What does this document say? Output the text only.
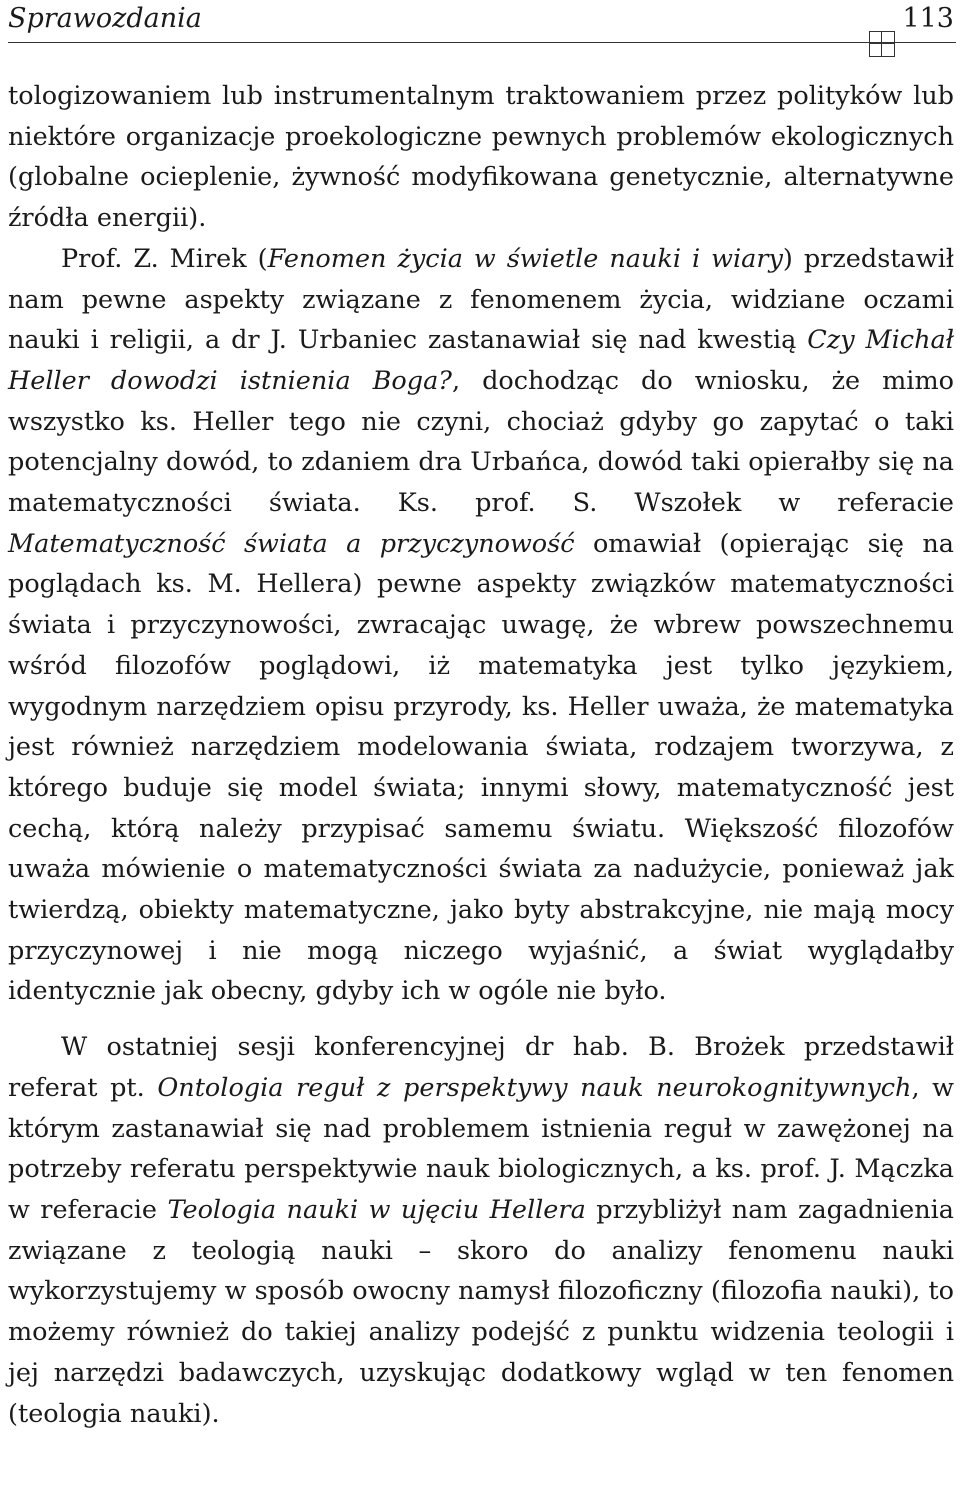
Sprawozdania	113

tologizowaniem lub instrumentalnym traktowaniem przez polityków lub niektóre organizacje proekologiczne pewnych problemów ekologicznych (globalne ocieplenie, żywność modyfikowana genetycznie, alternatywne źródła energii).

Prof. Z. Mirek (Fenomen życia w świetle nauki i wiary) przedstawił nam pewne aspekty związane z fenomenem życia, widziane oczami nauki i religii, a dr J. Urbaniec zastanawiał się nad kwestią Czy Michał Heller dowodzi istnienia Boga?, dochodząc do wniosku, że mimo wszystko ks. Heller tego nie czyni, chociaż gdyby go zapytać o taki potencjalny dowód, to zdaniem dra Urbańca, dowód taki opierałby się na matematyczności świata. Ks. prof. S. Wszołek w referacie Matematyczność świata a przyczynowość omawiał (opierając się na poglądach ks. M. Hellera) pewne aspekty związków matematyczności świata i przyczynowości, zwracając uwagę, że wbrew powszechnemu wśród filozofów poglądowi, iż matematyka jest tylko językiem, wygodnym narzędziem opisu przyrody, ks. Heller uważa, że matematyka jest również narzędziem modelowania świata, rodzajem tworzywa, z którego buduje się model świata; innymi słowy, matematyczność jest cechą, którą należy przypisać samemu światu. Większość filozofów uważa mówienie o matematyczności świata za nadużycie, ponieważ jak twierdzą, obiekty matematyczne, jako byty abstrakcyjne, nie mają mocy przyczynowej i nie mogą niczego wyjaśnić, a świat wyglądałby identycznie jak obecny, gdyby ich w ogóle nie było.

W ostatniej sesji konferencyjnej dr hab. B. Brożek przedstawił referat pt. Ontologia reguł z perspektywy nauk neurokognitywnych, w którym zastanawiał się nad problemem istnienia reguł w zawężonej na potrzeby referatu perspektywie nauk biologicznych, a ks. prof. J. Mączka w referacie Teologia nauki w ujęciu Hellera przybliżył nam zagadnienia związane z teologią nauki – skoro do analizy fenomenu nauki wykorzystujemy w sposób owocny namysł filozoficzny (filozofia nauki), to możemy również do takiej analizy podejść z punktu widzenia teologii i jej narzędzi badawczych, uzyskując dodatkowy wgląd w ten fenomen (teologia nauki).
